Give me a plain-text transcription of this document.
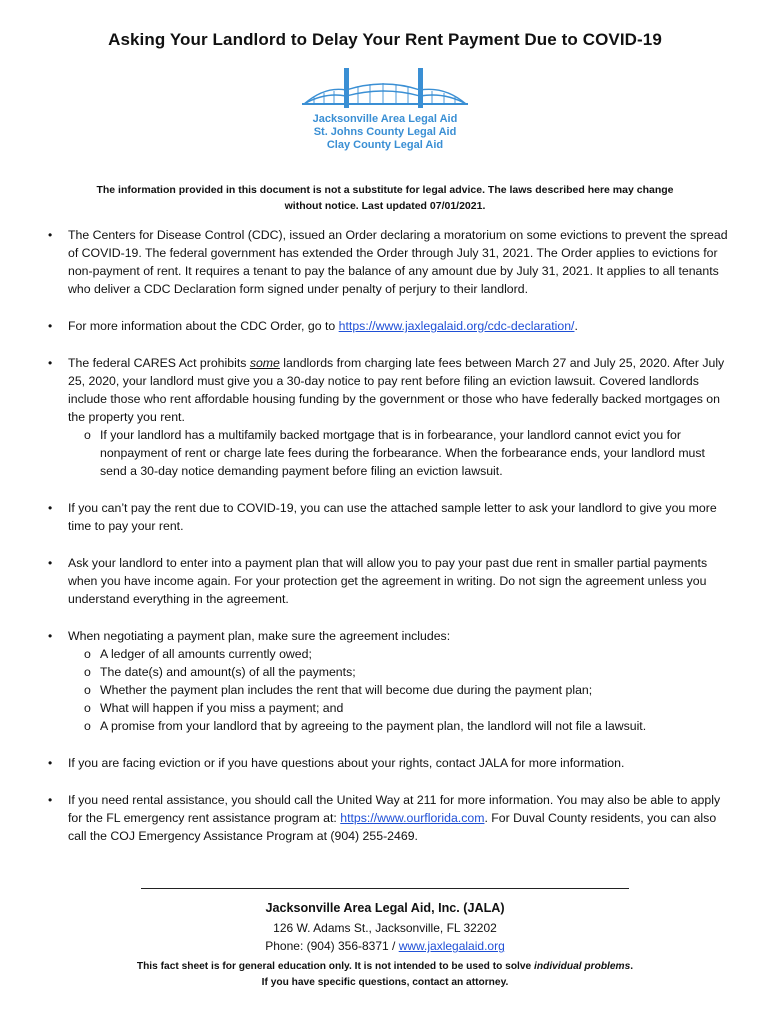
Asking Your Landlord to Delay Your Rent Payment Due to COVID-19
Jacksonville Area Legal Aid
St. Johns County Legal Aid
Clay County Legal Aid
The information provided in this document is not a substitute for legal advice. The laws described here may change
without notice. Last updated 07/01/2021.
• The Centers for Disease Control (CDC), issued an Order declaring a moratorium on some evictions to prevent the spread of COVID-19. The federal government has extended the Order through July 31, 2021. The Order applies to evictions for non-payment of rent. It requires a tenant to pay the balance of any amount due by July 31, 2021. It applies to all tenants who deliver a CDC Declaration form signed under penalty of perjury to their landlord.
• For more information about the CDC Order, go to https://www.jaxlegalaid.org/cdc-declaration/.
• The federal CARES Act prohibits some landlords from charging late fees between March 27 and July 25, 2020. After July 25, 2020, your landlord must give you a 30-day notice to pay rent before filing an eviction lawsuit. Covered landlords include those who rent affordable housing funding by the government or those who have federally backed mortgages on the property you rent.
o If your landlord has a multifamily backed mortgage that is in forbearance, your landlord cannot evict you for nonpayment of rent or charge late fees during the forbearance. When the forbearance ends, your landlord must send a 30-day notice demanding payment before filing an eviction lawsuit.
• If you can’t pay the rent due to COVID-19, you can use the attached sample letter to ask your landlord to give you more time to pay your rent.
• Ask your landlord to enter into a payment plan that will allow you to pay your past due rent in smaller partial payments when you have income again. For your protection get the agreement in writing. Do not sign the agreement unless you understand everything in the agreement.
• When negotiating a payment plan, make sure the agreement includes:
o A ledger of all amounts currently owed;
o The date(s) and amount(s) of all the payments;
o Whether the payment plan includes the rent that will become due during the payment plan;
o What will happen if you miss a payment; and
o A promise from your landlord that by agreeing to the payment plan, the landlord will not file a lawsuit.
• If you are facing eviction or if you have questions about your rights, contact JALA for more information.
• If you need rental assistance, you should call the United Way at 211 for more information. You may also be able to apply for the FL emergency rent assistance program at: https://www.ourflorida.com. For Duval County residents, you can also call the COJ Emergency Assistance Program at (904) 255-2469.
Jacksonville Area Legal Aid, Inc. (JALA)
126 W. Adams St., Jacksonville, FL 32202
Phone: (904) 356-8371 / www.jaxlegalaid.org
This fact sheet is for general education only. It is not intended to be used to solve individual problems.
If you have specific questions, contact an attorney.
